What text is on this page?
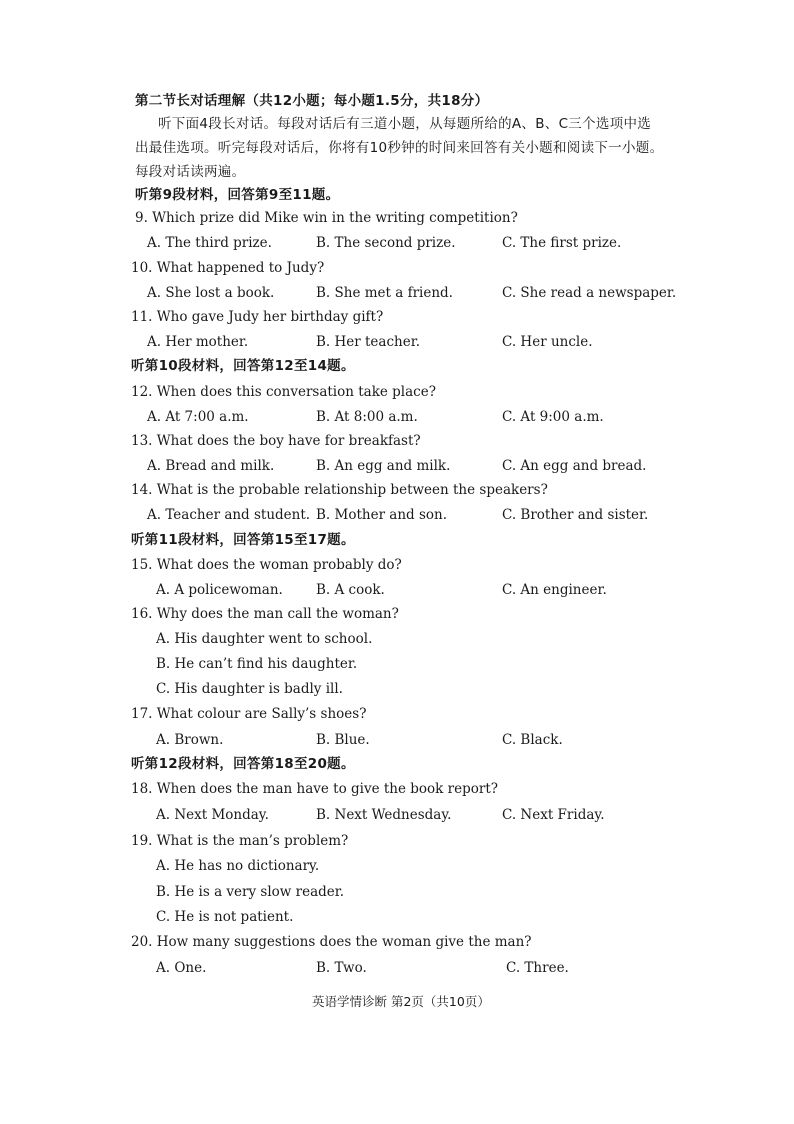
第二节长对话理解（共12小题；每小题1.5分，共18分）
听下面4段长对话。每段对话后有三道小题，从每题所给的A、B、C三个选项中选
出最佳选项。听完每段对话后，你将有10秒钟的时间来回答有关小题和阅读下一小题。
每段对话读两遍。
听第9段材料，回答第9至11题。
9. Which prize did Mike win in the writing competition?
A. The third prize.	B. The second prize.	C. The first prize.
10. What happened to Judy?
A. She lost a book.	B. She met a friend.	C. She read a newspaper.
11. Who gave Judy her birthday gift?
A. Her mother.	B. Her teacher.	C. Her uncle.
听第10段材料，回答第12至14题。
12. When does this conversation take place?
A. At 7:00 a.m.	B. At 8:00 a.m.	C. At 9:00 a.m.
13. What does the boy have for breakfast?
A. Bread and milk.	B. An egg and milk.	C. An egg and bread.
14. What is the probable relationship between the speakers?
A. Teacher and student. B. Mother and son.	C. Brother and sister.
听第11段材料，回答第15至17题。
15. What does the woman probably do?
A. A policewoman. B. A cook.	C. An engineer.
16. Why does the man call the woman?
A. His daughter went to school.
B. He can’t find his daughter.
C. His daughter is badly ill.
17. What colour are Sally’s shoes?
A. Brown.	B. Blue.	C. Black.
听第12段材料，回答第18至20题。
18. When does the man have to give the book report?
A. Next Monday.	B. Next Wednesday.	C. Next Friday.
19. What is the man’s problem?
A. He has no dictionary.
B. He is a very slow reader.
C. He is not patient.
20. How many suggestions does the woman give the man?
A. One.	B. Two.	C. Three.
英语学情诊断 第2页（共10页）
